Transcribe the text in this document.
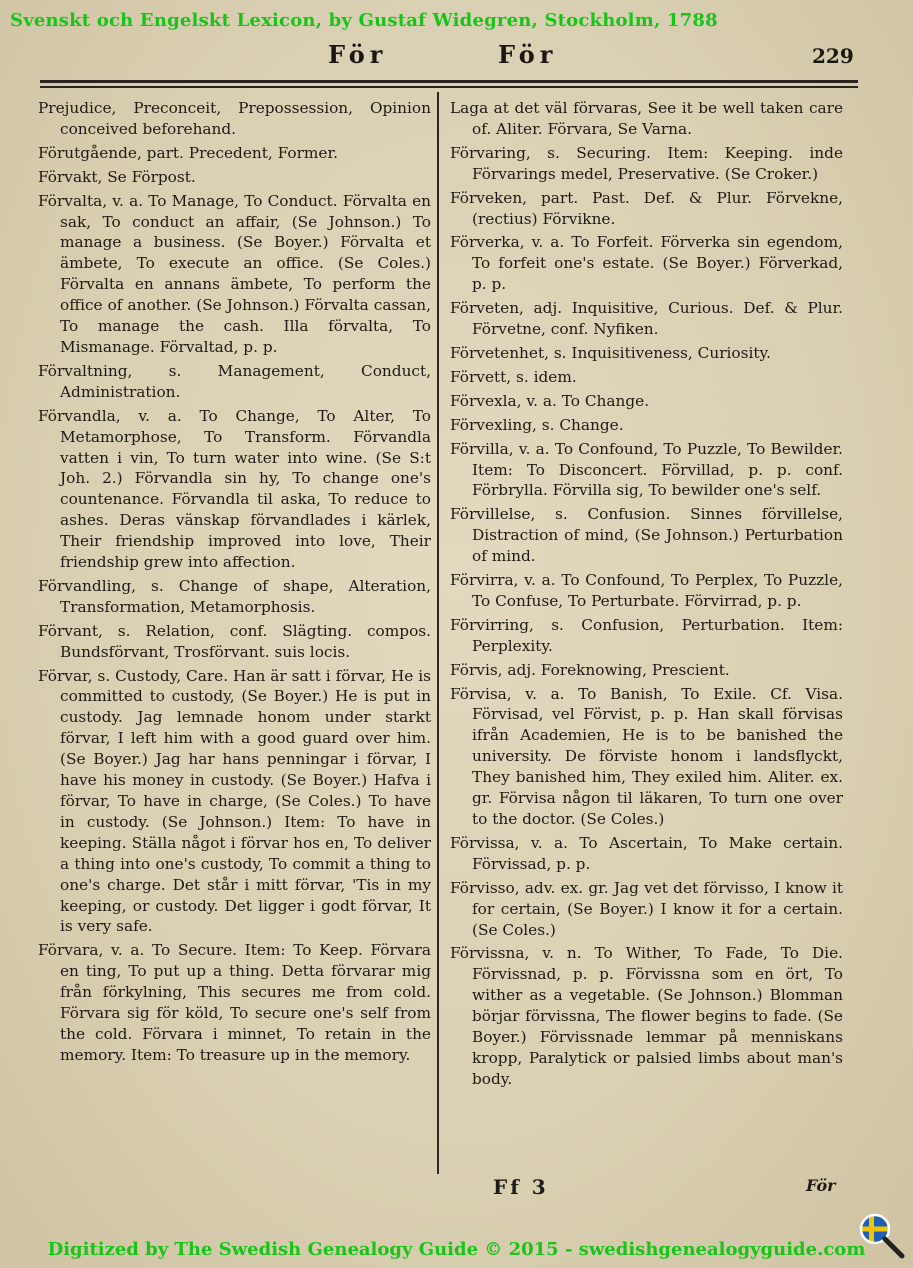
Svenskt och Engelskt Lexicon, by Gustaf Widegren, Stockholm, 1788
För	För	229

Prejudice, Preconceit, Prepossession, Opinion conceived beforehand.

Förutgående, part. Precedent, Former.

Förvakt, Se Förpost.

Förvalta, v. a. To Manage, To Conduct. Förvalta en sak, To conduct an affair, (Se Johnson.) To manage a business. (Se Boyer.) Förvalta et ämbete, To execute an office. (Se Coles.) Förvalta en annans ämbete, To perform the office of another. (Se Johnson.) Förvalta cassan, To manage the cash. Illa förvalta, To Mismanage. Förvaltad, p. p.

Förvaltning, s. Management, Conduct, Administration.

Förvandla, v. a. To Change, To Alter, To Metamorphose, To Transform. Förvandla vatten i vin, To turn water into wine. (Se S:t Joh. 2.) Förvandla sin hy, To change one's countenance. Förvandla til aska, To reduce to ashes. Deras vänskap förvandlades i kärlek, Their friendship improved into love, Their friendship grew into affection.

Förvandling, s. Change of shape, Alteration, Transformation, Metamorphosis.

Förvant, s. Relation, conf. Slägting. compos. Bundsförvant, Trosförvant. suis locis.

Förvar, s. Custody, Care. Han är satt i förvar, He is committed to custody, (Se Boyer.) He is put in custody. Jag lemnade honom under starkt förvar, I left him with a good guard over him. (Se Boyer.) Jag har hans penningar i förvar, I have his money in custody. (Se Boyer.) Hafva i förvar, To have in charge, (Se Coles.) To have in custody. (Se Johnson.) Item: To have in keeping. Ställa något i förvar hos en, To deliver a thing into one's custody, To commit a thing to one's charge. Det står i mitt förvar, 'Tis in my keeping, or custody. Det ligger i godt förvar, It is very safe.

Förvara, v. a. To Secure. Item: To Keep. Förvara en ting, To put up a thing. Detta förvarar mig från förkylning, This secures me from cold. Förvara sig för köld, To secure one's self from the cold. Förvara i minnet, To retain in the memory. Item: To treasure up in the memory.

Laga at det väl förvaras, See it be well taken care of. Aliter. Förvara, Se Varna.

Förvaring, s. Securing. Item: Keeping. inde Förvarings medel, Preservative. (Se Croker.)

Förveken, part. Past. Def. & Plur. Förvekne, (rectius) Förvikne.

Förverka, v. a. To Forfeit. Förverka sin egendom, To forfeit one's estate. (Se Boyer.) Förverkad, p. p.

Förveten, adj. Inquisitive, Curious. Def. & Plur. Förvetne, conf. Nyfiken.

Förvetenhet, s. Inquisitiveness, Curiosity.

Förvett, s. idem.

Förvexla, v. a. To Change.

Förvexling, s. Change.

Förvilla, v. a. To Confound, To Puzzle, To Bewilder. Item: To Disconcert. Förvillad, p. p. conf. Förbrylla. Förvilla sig, To bewilder one's self.

Förvillelse, s. Confusion. Sinnes förvillelse, Distraction of mind, (Se Johnson.) Perturbation of mind.

Förvirra, v. a. To Confound, To Perplex, To Puzzle, To Confuse, To Perturbate. Förvirrad, p. p.

Förvirring, s. Confusion, Perturbation. Item: Perplexity.

Förvis, adj. Foreknowing, Prescient.

Förvisa, v. a. To Banish, To Exile. Cf. Visa. Förvisad, vel Förvist, p. p. Han skall förvisas ifrån Academien, He is to be banished the university. De förviste honom i landsflyckt, They banished him, They exiled him. Aliter. ex. gr. Förvisa någon til läkaren, To turn one over to the doctor. (Se Coles.)

Förvissa, v. a. To Ascertain, To Make certain. Förvissad, p. p.

Förvisso, adv. ex. gr. Jag vet det förvisso, I know it for certain, (Se Boyer.) I know it for a certain. (Se Coles.)

Förvissna, v. n. To Wither, To Fade, To Die. Förvissnad, p. p. Förvissna som en ört, To wither as a vegetable. (Se Johnson.) Blomman börjar förvissna, The flower begins to fade. (Se Boyer.) Förvissnade lemmar på menniskans kropp, Paralytick or palsied limbs about man's body.

Ff 3	För
Digitized by The Swedish Genealogy Guide © 2015 - swedishgenealogyguide.com
